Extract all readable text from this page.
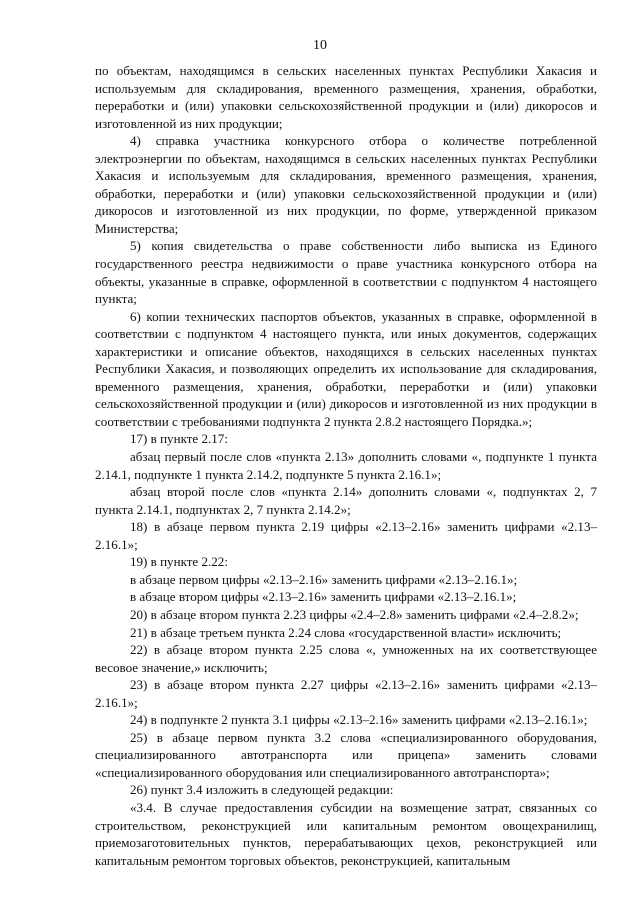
10

по объектам, находящимся в сельских населенных пунктах Республики Хакасия и используемым для складирования, временного размещения, хранения, обработки, переработки и (или) упаковки сельскохозяйственной продукции и (или) дикоросов и изготовленной из них продукции;

4) справка участника конкурсного отбора о количестве потребленной электроэнергии по объектам, находящимся в сельских населенных пунктах Республики Хакасия и используемым для складирования, временного размещения, хранения, обработки, переработки и (или) упаковки сельскохозяйственной продукции и (или) дикоросов и изготовленной из них продукции, по форме, утвержденной приказом Министерства;

5) копия свидетельства о праве собственности либо выписка из Единого государственного реестра недвижимости о праве участника конкурсного отбора на объекты, указанные в справке, оформленной в соответствии с подпунктом 4 настоящего пункта;

6) копии технических паспортов объектов, указанных в справке, оформленной в соответствии с подпунктом 4 настоящего пункта, или иных документов, содержащих характеристики и описание объектов, находящихся в сельских населенных пунктах Республики Хакасия, и позволяющих определить их использование для складирования, временного размещения, хранения, обработки, переработки и (или) упаковки сельскохозяйственной продукции и (или) дикоросов и изготовленной из них продукции в соответствии с требованиями подпункта 2 пункта 2.8.2 настоящего Порядка.»;

17) в пункте 2.17:

абзац первый после слов «пункта 2.13» дополнить словами «, подпункте 1 пункта 2.14.1, подпункте 1 пункта 2.14.2, подпункте 5 пункта 2.16.1»;

абзац второй после слов «пункта 2.14» дополнить словами «, подпунктах 2, 7 пункта 2.14.1, подпунктах 2, 7 пункта 2.14.2»;

18) в абзаце первом пункта 2.19 цифры «2.13–2.16» заменить цифрами «2.13–2.16.1»;

19) в пункте 2.22:

в абзаце первом цифры «2.13–2.16» заменить цифрами «2.13–2.16.1»;

в абзаце втором цифры «2.13–2.16» заменить цифрами «2.13–2.16.1»;

20) в абзаце втором пункта 2.23 цифры «2.4–2.8» заменить цифрами «2.4–2.8.2»;

21) в абзаце третьем пункта 2.24 слова «государственной власти» исключить;

22) в абзаце втором пункта 2.25 слова «, умноженных на их соответствующее весовое значение,» исключить;

23) в абзаце втором пункта 2.27 цифры «2.13–2.16» заменить цифрами «2.13–2.16.1»;

24) в подпункте 2 пункта 3.1 цифры «2.13–2.16» заменить цифрами «2.13–2.16.1»;

25) в абзаце первом пункта 3.2 слова «специализированного оборудования, специализированного автотранспорта или прицепа» заменить словами «специализированного оборудования или специализированного автотранспорта»;

26) пункт 3.4 изложить в следующей редакции:

«3.4. В случае предоставления субсидии на возмещение затрат, связанных со строительством, реконструкцией или капитальным ремонтом овощехранилищ, приемозаготовительных пунктов, перерабатывающих цехов, реконструкцией или капитальным ремонтом торговых объектов, реконструкцией, капитальным
